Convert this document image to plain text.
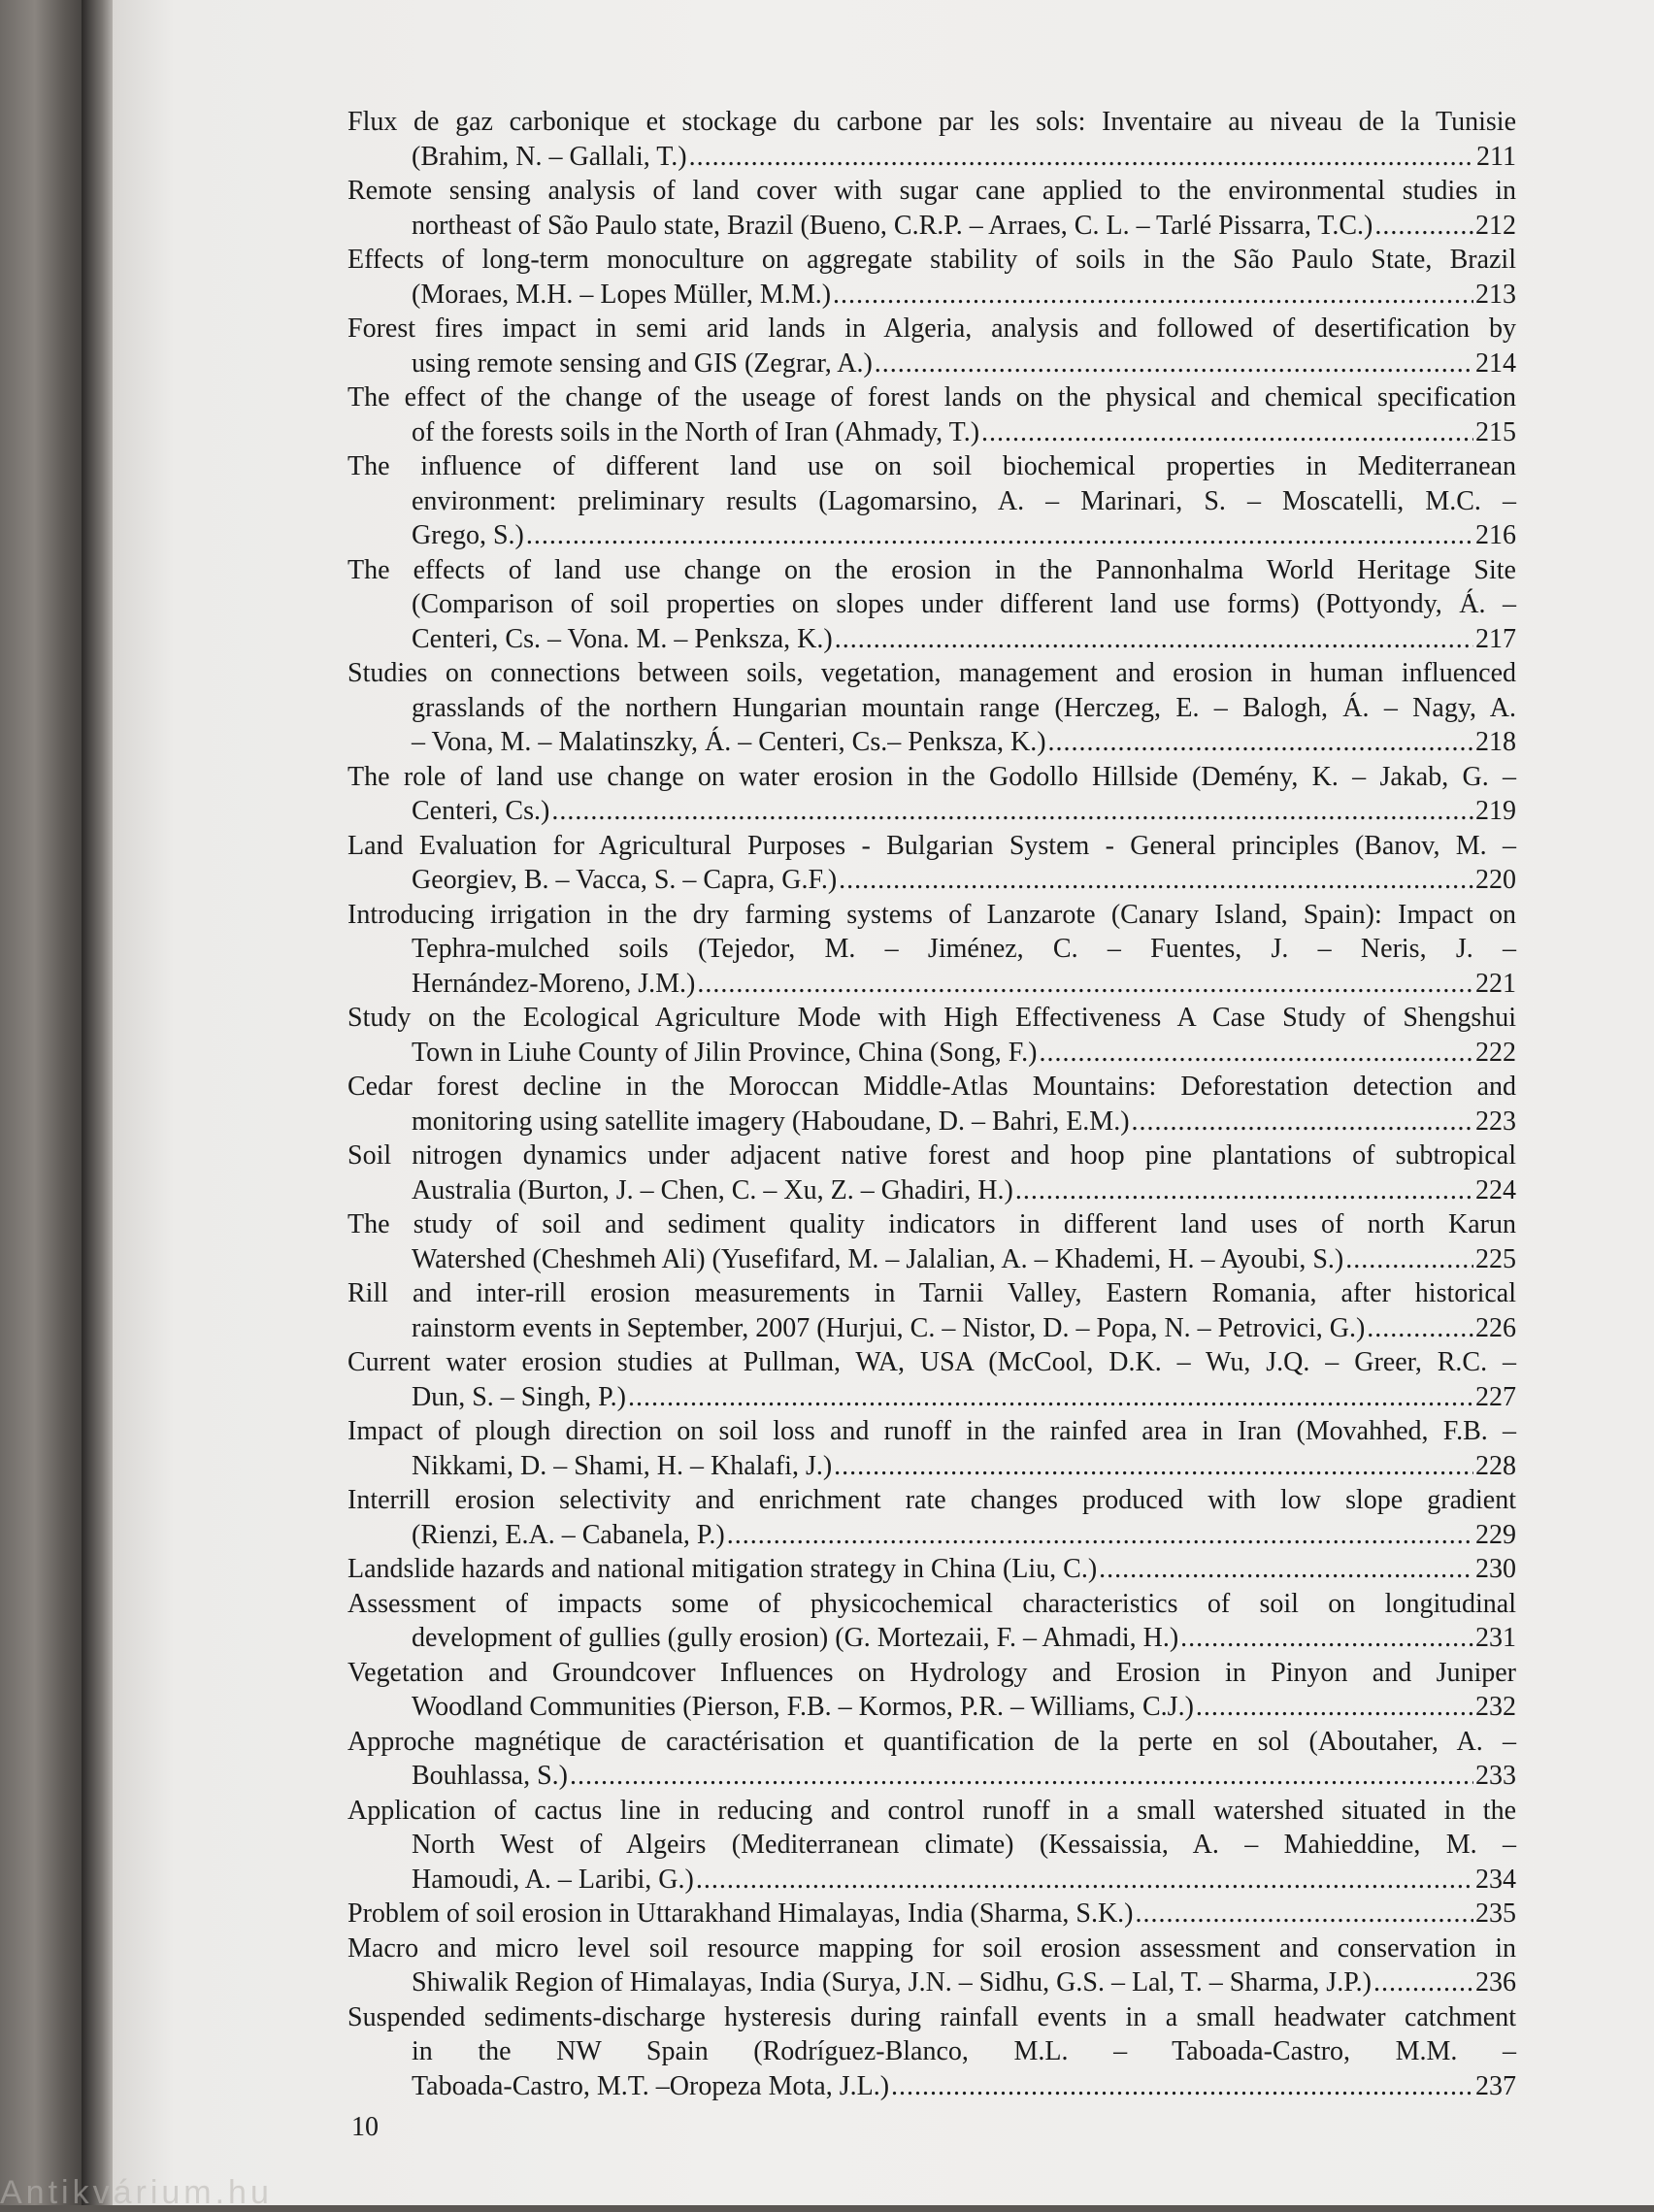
Flux de gaz carbonique et stockage du carbone par les sols: Inventaire au niveau de la Tunisie
(Brahim, N. – Gallali, T.) .....	211
Remote sensing analysis of land cover with sugar cane applied to the environmental studies in
northeast of São Paulo state, Brazil (Bueno, C.R.P. – Arraes, C. L. – Tarlé Pissarra, T.C.) .....	212
Effects of long-term monoculture on aggregate stability of soils in the São Paulo State, Brazil
(Moraes, M.H. – Lopes Müller, M.M.) .....	213
Forest fires impact in semi arid lands in Algeria, analysis and followed of desertification by
using remote sensing and GIS (Zegrar, A.) .....	214
The effect of the change of the useage of forest lands on the physical and chemical specification
of the forests soils in the North of Iran (Ahmady, T.) .....	215
The influence of different land use on soil biochemical properties in Mediterranean
environment: preliminary results (Lagomarsino, A. – Marinari, S. – Moscatelli, M.C. –
Grego, S.) .....	216
The effects of land use change on the erosion in the Pannonhalma World Heritage Site
(Comparison of soil properties on slopes under different land use forms) (Pottyondy, Á. –
Centeri, Cs. – Vona. M. – Penksza, K.) .....	217
Studies on connections between soils, vegetation, management and erosion in human influenced
grasslands of the northern Hungarian mountain range (Herczeg, E. – Balogh, Á. – Nagy, A.
– Vona, M. – Malatinszky, Á. – Centeri, Cs.– Penksza, K.) .....	218
The role of land use change on water erosion in the Godollo Hillside (Demény, K. – Jakab, G. –
Centeri, Cs.) .....	219
Land Evaluation for Agricultural Purposes - Bulgarian System - General principles (Banov, M. –
Georgiev, B. – Vacca, S. – Capra, G.F.) .....	220
Introducing irrigation in the dry farming systems of Lanzarote (Canary Island, Spain): Impact on
Tephra-mulched soils (Tejedor, M. – Jiménez, C. – Fuentes, J. – Neris, J. –
Hernández-Moreno, J.M.) .....	221
Study on the Ecological Agriculture Mode with High Effectiveness A Case Study of Shengshui
Town in Liuhe County of Jilin Province, China (Song, F.) .....	222
Cedar forest decline in the Moroccan Middle-Atlas Mountains: Deforestation detection and
monitoring using satellite imagery (Haboudane, D. – Bahri, E.M.) .....	223
Soil nitrogen dynamics under adjacent native forest and hoop pine plantations of subtropical
Australia (Burton, J. – Chen, C. – Xu, Z. – Ghadiri, H.) .....	224
The study of soil and sediment quality indicators in different land uses of north Karun
Watershed (Cheshmeh Ali) (Yusefifard, M. – Jalalian, A. – Khademi, H. – Ayoubi, S.) .....	225
Rill and inter-rill erosion measurements in Tarnii Valley, Eastern Romania, after historical
rainstorm events in September, 2007 (Hurjui, C. – Nistor, D. – Popa, N. – Petrovici, G.) .....	226
Current water erosion studies at Pullman, WA, USA (McCool, D.K. – Wu, J.Q. – Greer, R.C. –
Dun, S. – Singh, P.) .....	227
Impact of plough direction on soil loss and runoff in the rainfed area in Iran (Movahhed, F.B. –
Nikkami, D. – Shami, H. – Khalafi, J.) .....	228
Interrill erosion selectivity and enrichment rate changes produced with low slope gradient
(Rienzi, E.A. – Cabanela, P.) .....	229
Landslide hazards and national mitigation strategy in China (Liu, C.) .....	230
Assessment of impacts some of physicochemical characteristics of soil on longitudinal
development of gullies (gully erosion) (G. Mortezaii, F. – Ahmadi, H.) .....	231
Vegetation and Groundcover Influences on Hydrology and Erosion in Pinyon and Juniper
Woodland Communities (Pierson, F.B. – Kormos, P.R. – Williams, C.J.) .....	232
Approche magnétique de caractérisation et quantification de la perte en sol (Aboutaher, A. –
Bouhlassa, S.) .....	233
Application of cactus line in reducing and control runoff in a small watershed situated in the
North West of Algeirs (Mediterranean climate) (Kessaissia, A. – Mahieddine, M. –
Hamoudi, A. – Laribi, G.) .....	234
Problem of soil erosion in Uttarakhand Himalayas, India (Sharma, S.K.) .....	235
Macro and micro level soil resource mapping for soil erosion assessment and conservation in
Shiwalik Region of Himalayas, India (Surya, J.N. – Sidhu, G.S. – Lal, T. – Sharma, J.P.) .....	236
Suspended sediments-discharge hysteresis during rainfall events in a small headwater catchment
in the NW Spain (Rodríguez-Blanco, M.L. – Taboada-Castro, M.M. –
Taboada-Castro, M.T. –Oropeza Mota, J.L.) .....	237
10
Antikvárium.hu
